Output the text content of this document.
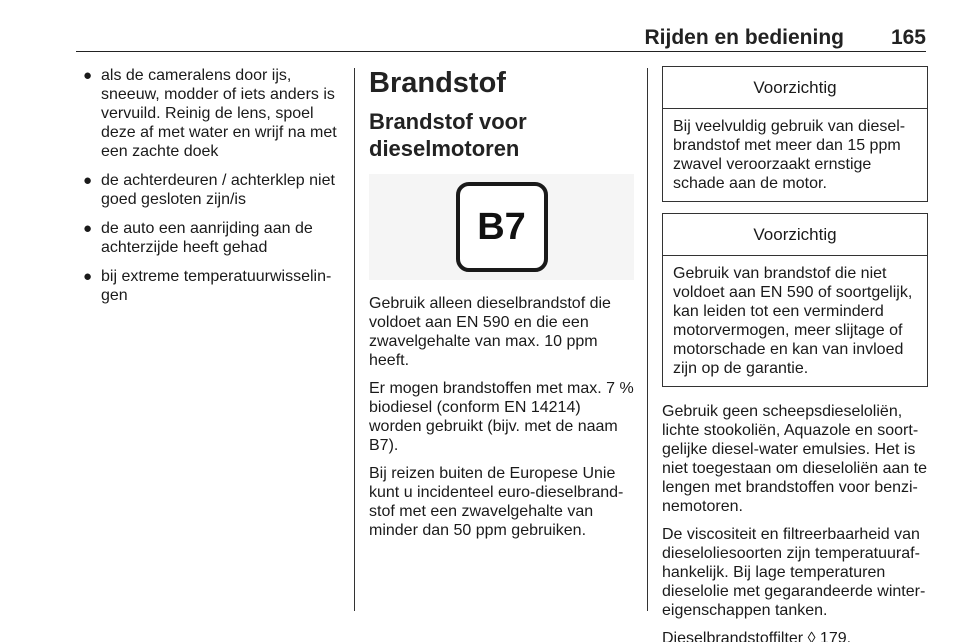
Rijden en bediening 165
● als de cameralens door ijs, sneeuw, modder of iets anders is vervuild. Reinig de lens, spoel deze af met water en wrijf na met een zachte doek
● de achterdeuren / achterklep niet goed gesloten zijn/is
● de auto een aanrijding aan de achterzijde heeft gehad
● bij extreme temperatuurwisselin‐gen
Brandstof
Brandstof voor dieselmotoren
B7

Gebruik alleen dieselbrandstof die voldoet aan EN 590 en die een zwavelgehalte van max. 10 ppm heeft.

Er mogen brandstoffen met max. 7 % biodiesel (conform EN 14214) worden gebruikt (bijv. met de naam B7).

Bij reizen buiten de Europese Unie kunt u incidenteel euro-dieselbrand‐stof met een zwavelgehalte van minder dan 50 ppm gebruiken.

Voorzichtig
Bij veelvuldig gebruik van diesel‐brandstof met meer dan 15 ppm zwavel veroorzaakt ernstige schade aan de motor.
Voorzichtig
Gebruik van brandstof die niet voldoet aan EN 590 of soortgelijk, kan leiden tot een verminderd motorvermogen, meer slijtage of motorschade en kan van invloed zijn op de garantie.

Gebruik geen scheepsdieseloliën, lichte stookoliën, Aquazole en soort‐gelijke diesel-water emulsies. Het is niet toegestaan om dieseloliën aan te lengen met brandstoffen voor benzi‐nemotoren.

De viscositeit en filtreerbaarheid van dieseloliesoorten zijn temperatuuraf‐hankelijk. Bij lage temperaturen dieselolie met gegarandeerde winter‐eigenschappen tanken.

Dieselbrandstoffilter ◊ 179.
